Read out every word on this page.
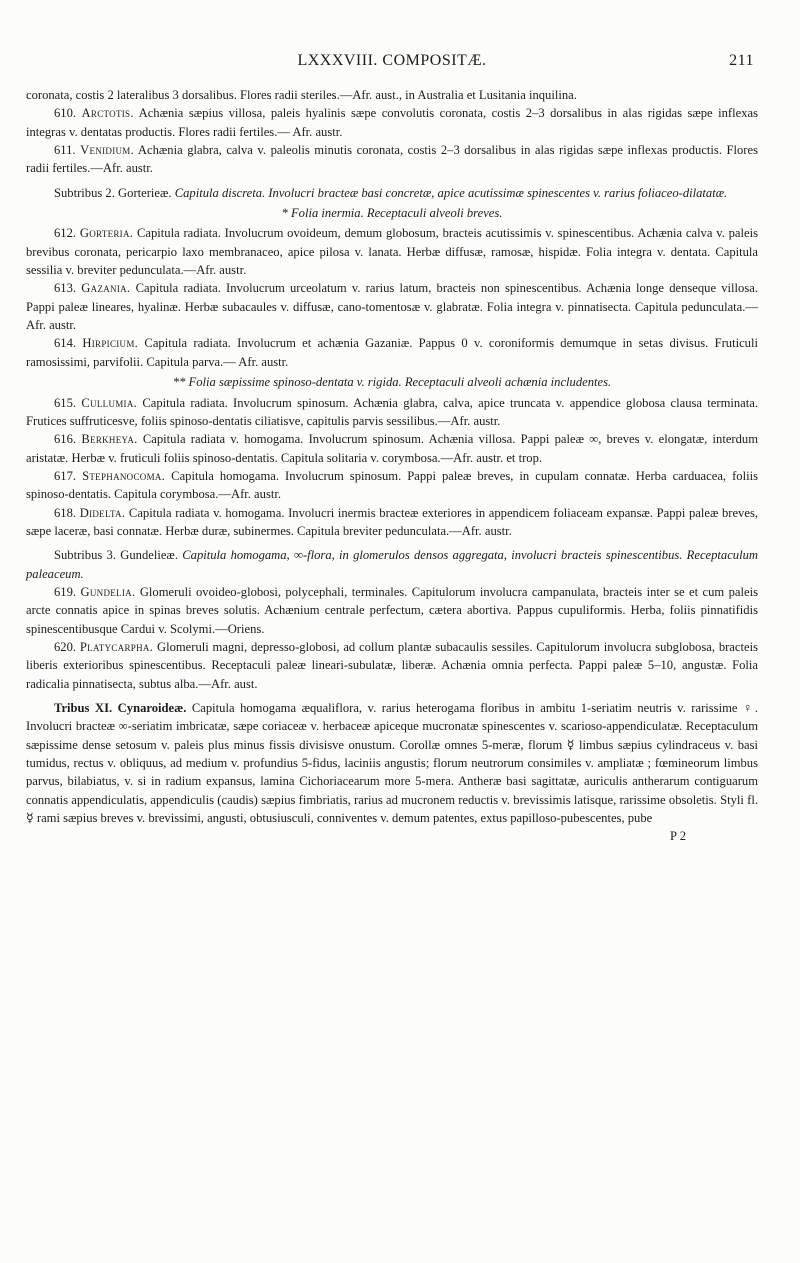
LXXXVIII. COMPOSITÆ.	211

coronata, costis 2 lateralibus 3 dorsalibus. Flores radii steriles.—Afr. aust., in Australia et Lusitania inquilina.

610. Arctotis. Achænia sæpius villosa, paleis hyalinis sæpe convolutis coronata, costis 2–3 dorsalibus in alas rigidas sæpe inflexas integras v. dentatas productis. Flores radii fertiles.— Afr. austr.

611. Venidium. Achænia glabra, calva v. paleolis minutis coronata, costis 2–3 dorsalibus in alas rigidas sæpe inflexas productis. Flores radii fertiles.—Afr. austr.

Subtribus 2. Gorterieæ. Capitula discreta. Involucri bracteæ basi concretæ, apice acutissimæ spinescentes v. rarius foliaceo-dilatatæ.

* Folia inermia. Receptaculi alveoli breves.

612. Gorteria. Capitula radiata. Involucrum ovoideum, demum globosum, bracteis acutissimis v. spinescentibus. Achænia calva v. paleis brevibus coronata, pericarpio laxo membranaceo, apice pilosa v. lanata. Herbæ diffusæ, ramosæ, hispidæ. Folia integra v. dentata. Capitula sessilia v. breviter pedunculata.—Afr. austr.

613. Gazania. Capitula radiata. Involucrum urceolatum v. rarius latum, bracteis non spinescentibus. Achænia longe denseque villosa. Pappi paleæ lineares, hyalinæ. Herbæ subacaules v. diffusæ, cano-tomentosæ v. glabratæ. Folia integra v. pinnatisecta. Capitula pedunculata.—Afr. austr.

614. Hirpicium. Capitula radiata. Involucrum et achænia Gazaniæ. Pappus 0 v. coroniformis demumque in setas divisus. Fruticuli ramosissimi, parvifolii. Capitula parva.— Afr. austr.

** Folia sæpissime spinoso-dentata v. rigida. Receptaculi alveoli achænia includentes.

615. Cullumia. Capitula radiata. Involucrum spinosum. Achænia glabra, calva, apice truncata v. appendice globosa clausa terminata. Frutices suffruticesve, foliis spinoso-dentatis ciliatisve, capitulis parvis sessilibus.—Afr. austr.

616. Berkheya. Capitula radiata v. homogama. Involucrum spinosum. Achænia villosa. Pappi paleæ ∞, breves v. elongatæ, interdum aristatæ. Herbæ v. fruticuli foliis spinoso-dentatis. Capitula solitaria v. corymbosa.—Afr. austr. et trop.

617. Stephanocoma. Capitula homogama. Involucrum spinosum. Pappi paleæ breves, in cupulam connatæ. Herba carduacea, foliis spinoso-dentatis. Capitula corymbosa.—Afr. austr.

618. Didelta. Capitula radiata v. homogama. Involucri inermis bracteæ exteriores in appendicem foliaceam expansæ. Pappi paleæ breves, sæpe laceræ, basi connatæ. Herbæ duræ, subinermes. Capitula breviter pedunculata.—Afr. austr.

Subtribus 3. Gundelieæ. Capitula homogama, ∞-flora, in glomerulos densos aggregata, involucri bracteis spinescentibus. Receptaculum paleaceum.

619. Gundelia. Glomeruli ovoideo-globosi, polycephali, terminales. Capitulorum involucra campanulata, bracteis inter se et cum paleis arcte connatis apice in spinas breves solutis. Achænium centrale perfectum, cætera abortiva. Pappus cupuliformis. Herba, foliis pinnatifidis spinescentibusque Cardui v. Scolymi.—Oriens.

620. Platycarpha. Glomeruli magni, depresso-globosi, ad collum plantæ subacaulis sessiles. Capitulorum involucra subglobosa, bracteis liberis exterioribus spinescentibus. Receptaculi paleæ lineari-subulatæ, liberæ. Achænia omnia perfecta. Pappi paleæ 5–10, angustæ. Folia radicalia pinnatisecta, subtus alba.—Afr. aust.

Tribus XI. Cynaroideæ. Capitula homogama æqualiflora, v. rarius heterogama floribus in ambitu 1-seriatim neutris v. rarissime ♀. Involucri bracteæ ∞-seriatim imbricatæ, sæpe coriaceæ v. herbaceæ apiceque mucronatæ spinescentes v. scarioso-appendiculatæ. Receptaculum sæpissime dense setosum v. paleis plus minus fissis divisisve onustum. Corollæ omnes 5-meræ, florum ☿ limbus sæpius cylindraceus v. basi tumidus, rectus v. obliquus, ad medium v. profundius 5-fidus, laciniis angustis; florum neutrorum consimiles v. ampliatæ ; fœmineorum limbus parvus, bilabiatus, v. si in radium expansus, lamina Cichoriacearum more 5-mera. Antheræ basi sagittatæ, auriculis antherarum contiguarum connatis appendiculatis, appendiculis (caudis) sæpius fimbriatis, rarius ad mucronem reductis v. brevissimis latisque, rarissime obsoletis. Styli fl. ☿ rami sæpius breves v. brevissimi, angusti, obtusiusculi, conniventes v. demum patentes, extus papilloso-pubescentes, pube

P 2
